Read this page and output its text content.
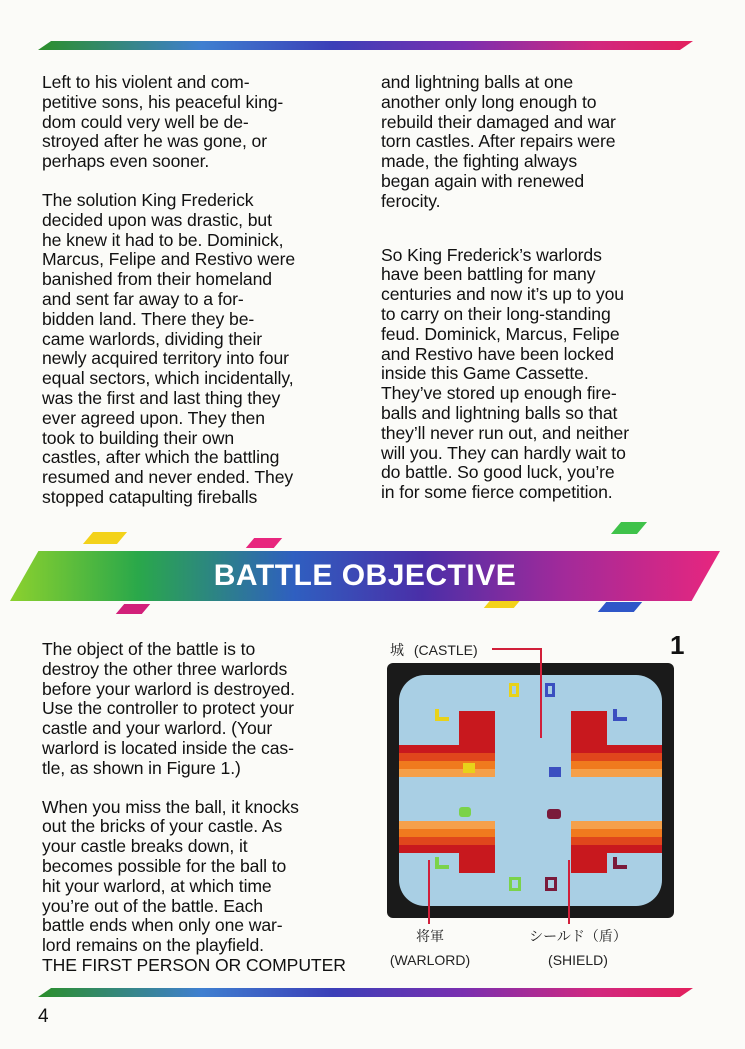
Left to his violent and com-

petitive sons, his peaceful king-

dom could very well be de-

stroyed after he was gone, or

perhaps even sooner.

The solution King Frederick

decided upon was drastic, but

he knew it had to be. Dominick,

Marcus, Felipe and Restivo were

banished from their homeland

and sent far away to a for-

bidden land. There they be-

came warlords, dividing their

newly acquired territory into four

equal sectors, which incidentally,

was the first and last thing they

ever agreed upon. They then

took to building their own

castles, after which the battling

resumed and never ended. They

stopped catapulting fireballs

and lightning balls at one

another only long enough to

rebuild their damaged and war

torn castles. After repairs were

made, the fighting always

began again with renewed

ferocity.

So King Frederick’s warlords

have been battling for many

centuries and now it’s up to you

to carry on their long-standing

feud. Dominick, Marcus, Felipe

and Restivo have been locked

inside this Game Cassette.

They’ve stored up enough fire-

balls and lightning balls so that

they’ll never run out, and neither

will you. They can hardly wait to

do battle. So good luck, you’re

in for some fierce competition.

BATTLE OBJECTIVE

The object of the battle is to

destroy the other three warlords

before your warlord is destroyed.

Use the controller to protect your

castle and your warlord. (Your

warlord is located inside the cas-

tle, as shown in Figure 1.)

When you miss the ball, it knocks

out the bricks of your castle. As

your castle breaks down, it

becomes possible for the ball to

hit your warlord, at which time

you’re out of the battle. Each

battle ends when only one war-

lord remains on the playfield.

THE FIRST PERSON OR COMPUTER

1
城 (CASTLE)
将軍
(WARLORD)
シールド（盾）
(SHIELD)
4
